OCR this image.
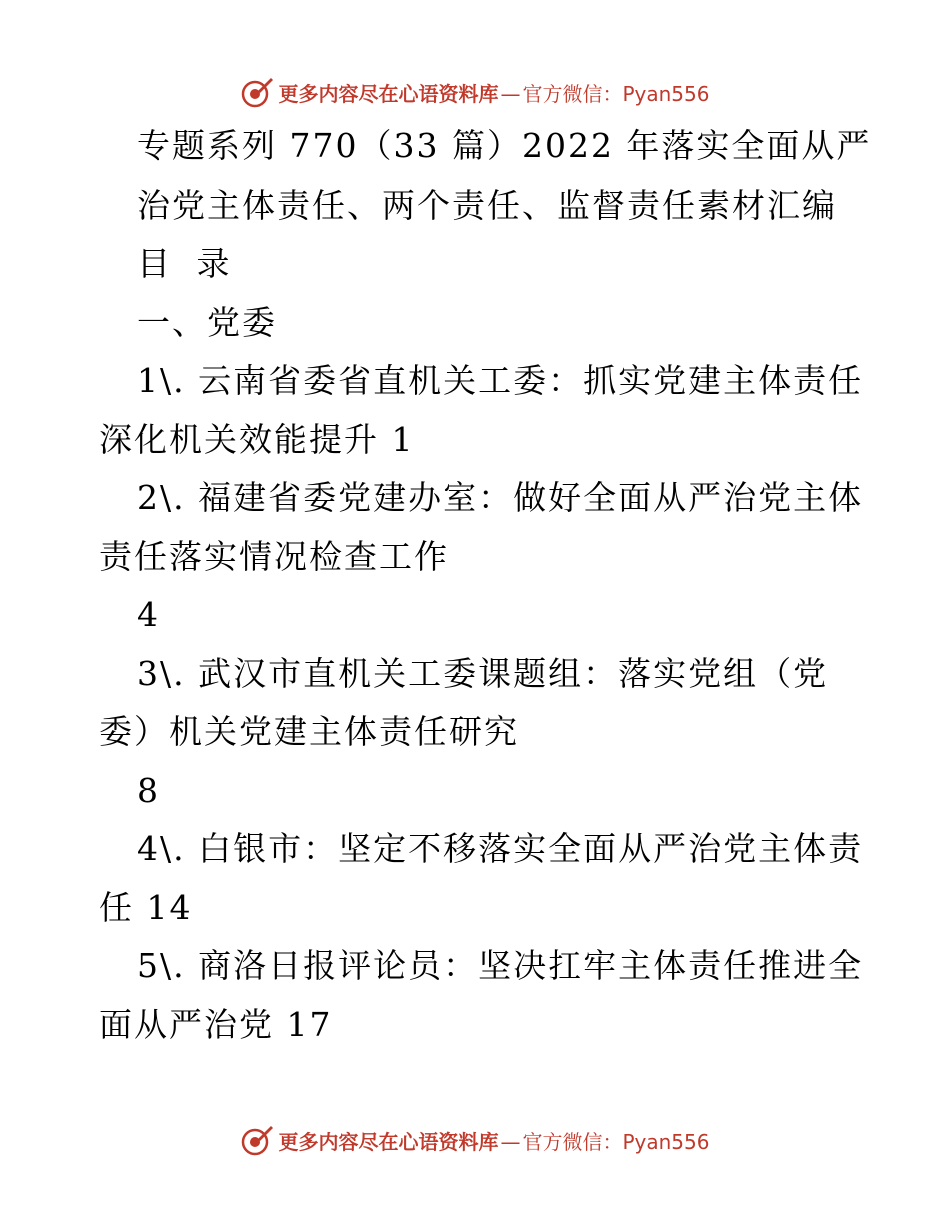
更多内容尽在心语资料库 — 官方微信：Pyan556
专题系列 770（33 篇）2022 年落实全面从严
治党主体责任、两个责任、监督责任素材汇编
目 录
一、党委
1\. 云南省委省直机关工委：抓实党建主体责任
深化机关效能提升 1
2\. 福建省委党建办室：做好全面从严治党主体
责任落实情况检查工作
4
3\. 武汉市直机关工委课题组：落实党组（党
委）机关党建主体责任研究
8
4\. 白银市：坚定不移落实全面从严治党主体责
任 14
5\. 商洛日报评论员：坚决扛牢主体责任推进全
面从严治党 17
更多内容尽在心语资料库 — 官方微信：Pyan556
